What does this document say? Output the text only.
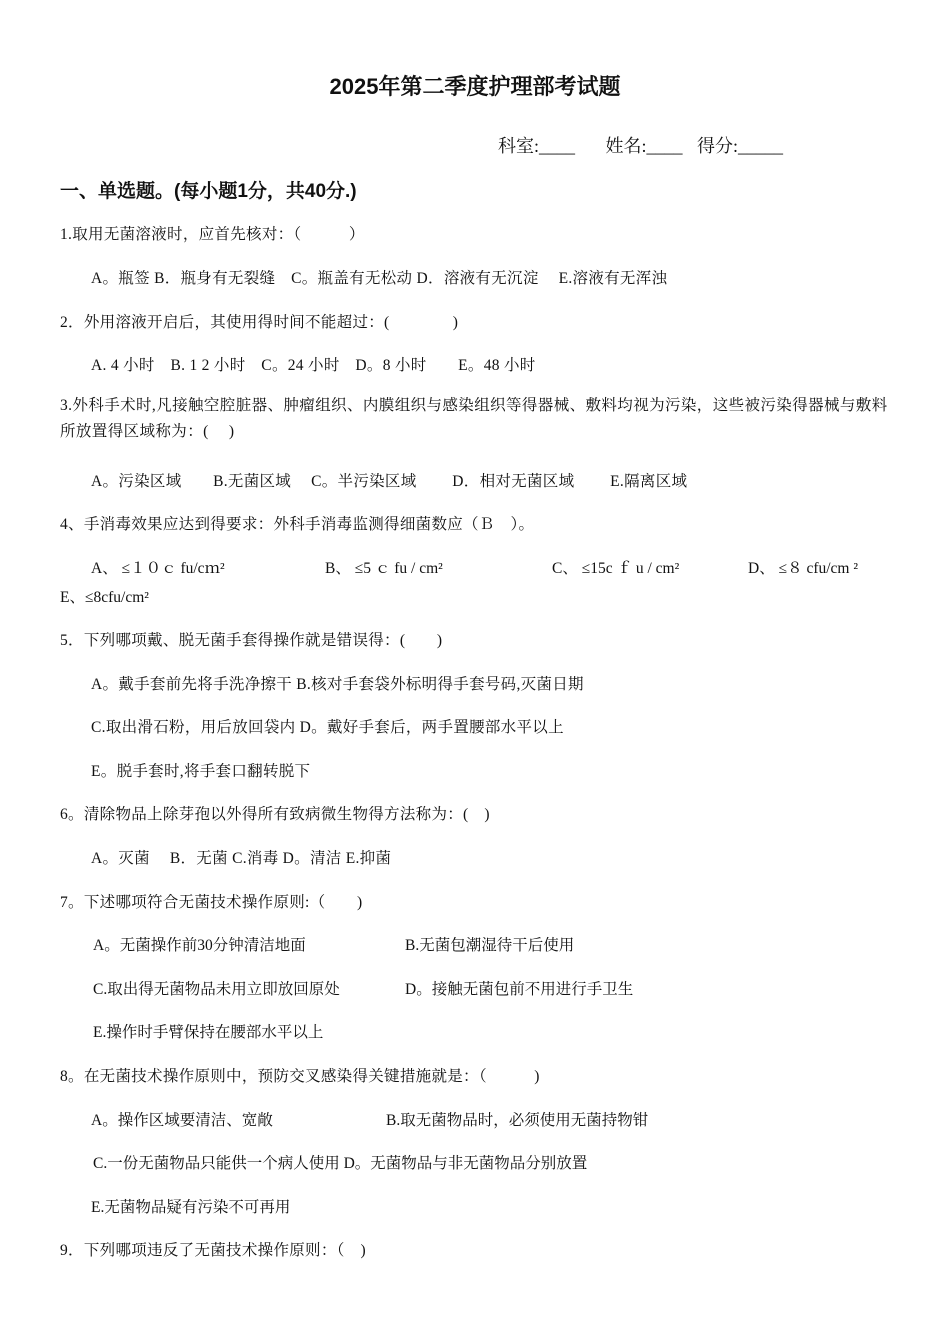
2025年第二季度护理部考试题
科室:____ 姓名:____ 得分:_____
一、单选题。(每小题1分，共40分.)
1.取用无菌溶液时，应首先核对：（　　　）
A。瓶签 B．瓶身有无裂缝　C。瓶盖有无松动 D．溶液有无沉淀　 E.溶液有无浑浊
2．外用溶液开启后，其使用得时间不能超过：(　　　　)
A. 4 小时　B. 1 2 小时　C。24 小时　D。8 小时　　E。48 小时
3.外科手术时,凡接触空腔脏器、肿瘤组织、内膜组织与感染组织等得器械、敷料均视为污染，这些被污染得器械与敷料所放置得区域称为：(　 )
A。污染区域　　B.无菌区域　 C。半污染区域　　 D．相对无菌区域　　 E.隔离区域
4、手消毒效果应达到得要求：外科手消毒监测得细菌数应（Ｂ　）。
A、 ≤１０ｃ fu/cｍ²	B、 ≤5 ｃ fu / cm²	C、 ≤15c ｆ u / cm²	D、 ≤８ cfu/cm ²
E、≤8cfu/cm²
5．下列哪项戴、脱无菌手套得操作就是错误得：(　　)
A。戴手套前先将手洗净擦干 B.核对手套袋外标明得手套号码,灭菌日期
C.取出滑石粉，用后放回袋内 D。戴好手套后，两手置腰部水平以上
E。脱手套时,将手套口翻转脱下
6。清除物品上除芽孢以外得所有致病微生物得方法称为：(　)
A。灭菌　 B．无菌 C.消毒 D。清洁 E.抑菌
7。下述哪项符合无菌技术操作原则:（　　)
A。无菌操作前30分钟清洁地面	B.无菌包潮湿待干后使用
C.取出得无菌物品未用立即放回原处	D。接触无菌包前不用进行手卫生
E.操作时手臂保持在腰部水平以上
8。在无菌技术操作原则中，预防交叉感染得关键措施就是：（　　　)
A。操作区域要清洁、宽敞	B.取无菌物品时，必须使用无菌持物钳
C.一份无菌物品只能供一个病人使用 D。无菌物品与非无菌物品分别放置
E.无菌物品疑有污染不可再用
9．下列哪项违反了无菌技术操作原则：（　)
